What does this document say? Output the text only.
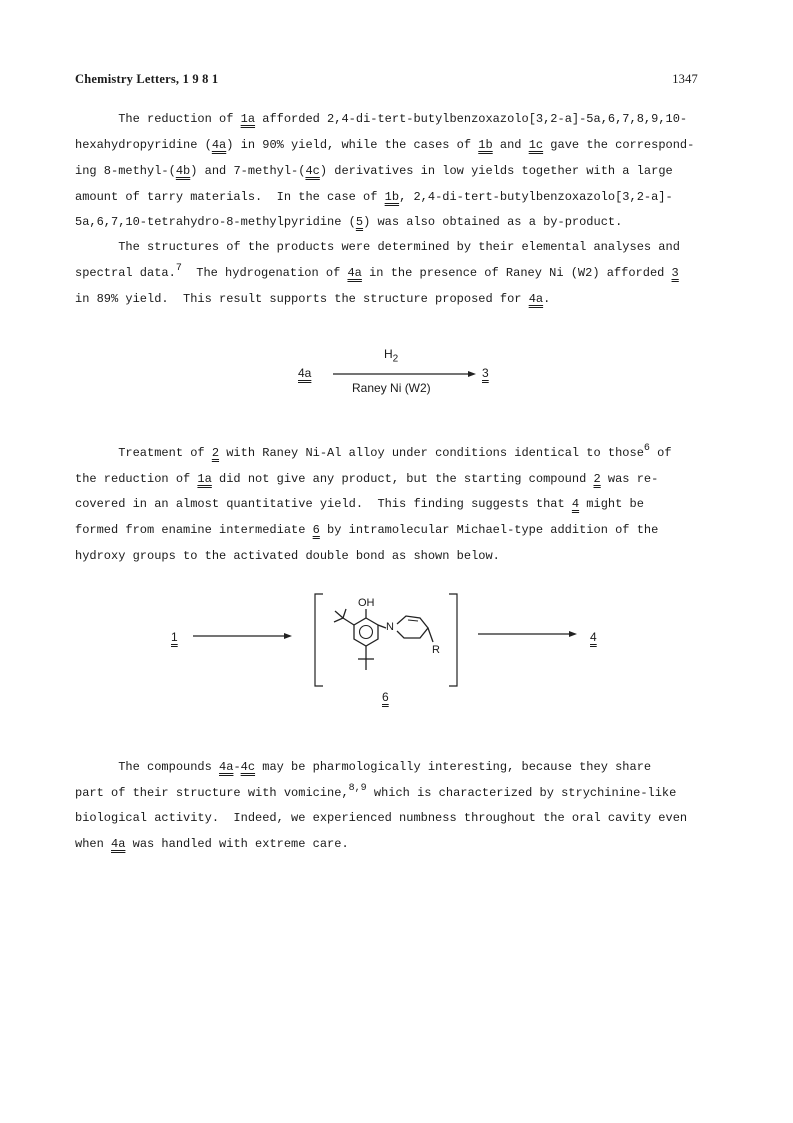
Chemistry Letters, 1 9 8 1	1347
The reduction of 1a afforded 2,4-di-tert-butylbenzoxazolo[3,2-a]-5a,6,7,8,9,10-
hexahydropyridine (4a) in 90% yield, while the cases of 1b and 1c gave the correspond-
ing 8-methyl-(4b) and 7-methyl-(4c) derivatives in low yields together with a large
amount of tarry materials.  In the case of 1b, 2,4-di-tert-butylbenzoxazolo[3,2-a]-
5a,6,7,10-tetrahydro-8-methylpyridine (5) was also obtained as a by-product.
The structures of the products were determined by their elemental analyses and
spectral data.$^7$  The hydrogenation of 4a in the presence of Raney Ni (W2) afforded 3
in 89% yield.  This result supports the structure proposed for 4a.
4a
$H_2$
Raney Ni (W2)
3
Treatment of 2 with Raney Ni-Al alloy under conditions identical to those$^6$ of
the reduction of 1a did not give any product, but the starting compound 2 was re-
covered in an almost quantitative yield.  This finding suggests that 4 might be
formed from enamine intermediate 6 by intramolecular Michael-type addition of the
hydroxy groups to the activated double bond as shown below.
1
OH
N
R
6
4
The compounds 4a-4c may be pharmologically interesting, because they share
part of their structure with vomicine,$^{8,9}$ which is characterized by strychinine-like
biological activity.  Indeed, we experienced numbness throughout the oral cavity even
when 4a was handled with extreme care.
